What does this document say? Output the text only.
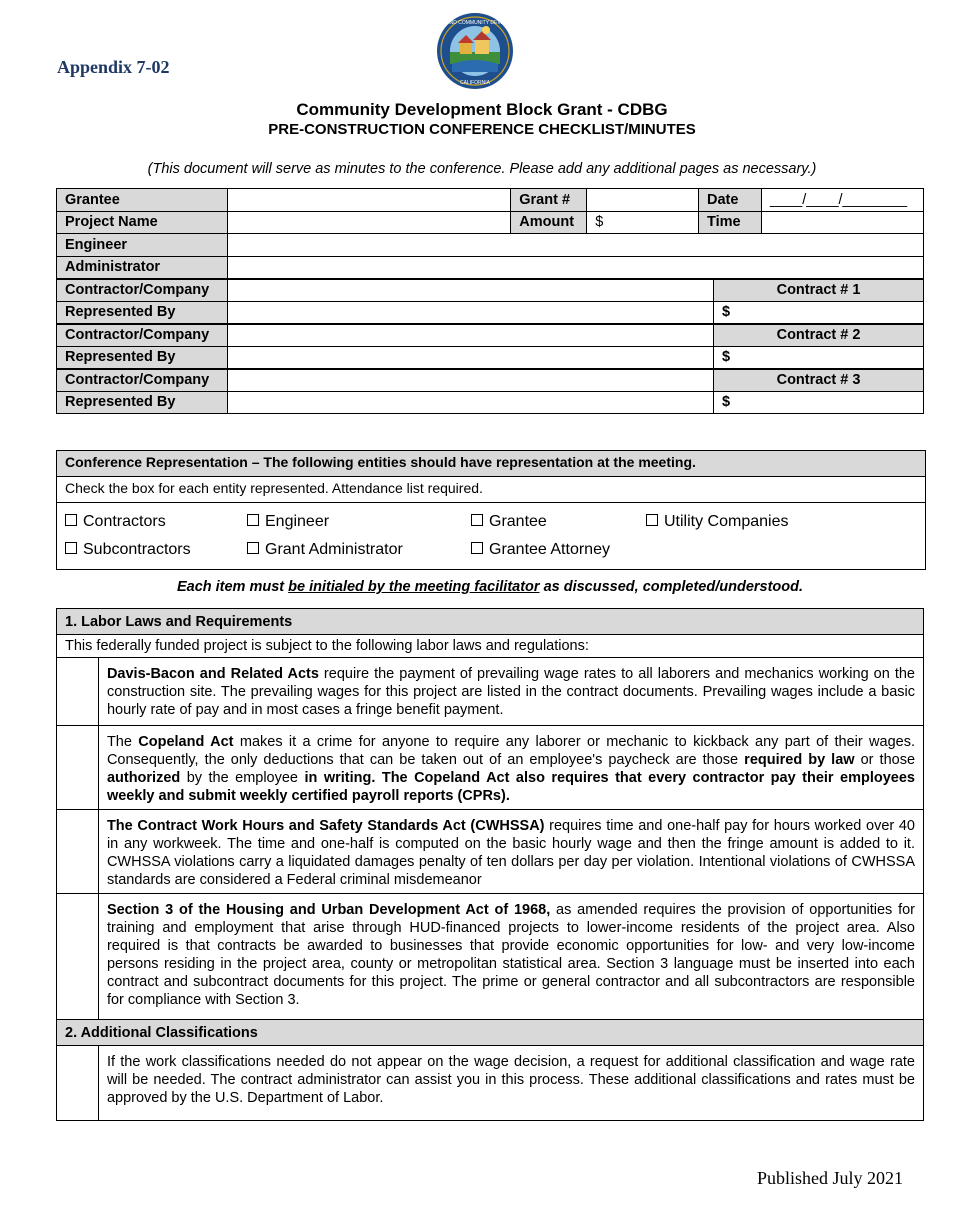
Appendix 7-02
HOUSING AND COMMUNITY DEVELOPMENT
CALIFORNIA
Community Development Block Grant - CDBG
PRE-CONSTRUCTION CONFERENCE CHECKLIST/MINUTES
(This document will serve as minutes to the conference. Please add any additional pages as necessary.)
Grantee		Grant #		Date		____/____/________
Project Name		Amount	$	Time		
Engineer						
Administrator						
Contractor/Company					Contract # 1	
Represented By					$	
Contractor/Company					Contract # 2	
Represented By					$	
Contractor/Company					Contract # 3	
Represented By					$	
Conference Representation – The following entities should have representation at the meeting.
Check the box for each entity represented. Attendance list required.
Contractors	Engineer	Grantee	Utility Companies
Subcontractors	Grant Administrator	Grantee Attorney
Each item must be initialed by the meeting facilitator as discussed, completed/understood.
1. Labor Laws and Requirements	
This federally funded project is subject to the following labor laws and regulations:	
	Davis-Bacon and Related Acts require the payment of prevailing wage rates to all laborers and mechanics working on the construction site. The prevailing wages for this project are listed in the contract documents. Prevailing wages include a basic hourly rate of pay and in most cases a fringe benefit payment.
	The Copeland Act makes it a crime for anyone to require any laborer or mechanic to kickback any part of their wages. Consequently, the only deductions that can be taken out of an employee's paycheck are those required by law or those authorized by the employee in writing. The Copeland Act also requires that every contractor pay their employees weekly and submit weekly certified payroll reports (CPRs).
	The Contract Work Hours and Safety Standards Act (CWHSSA) requires time and one-half pay for hours worked over 40 in any workweek. The time and one-half is computed on the basic hourly wage and then the fringe amount is added to it. CWHSSA violations carry a liquidated damages penalty of ten dollars per day per violation. Intentional violations of CWHSSA standards are considered a Federal criminal misdemeanor
	Section 3 of the Housing and Urban Development Act of 1968, as amended requires the provision of opportunities for training and employment that arise through HUD-financed projects to lower-income residents of the project area. Also required is that contracts be awarded to businesses that provide economic opportunities for low- and very low-income persons residing in the project area, county or metropolitan statistical area. Section 3 language must be inserted into each contract and subcontract documents for this project. The prime or general contractor and all subcontractors are responsible for compliance with Section 3.
2. Additional Classifications	
	If the work classifications needed do not appear on the wage decision, a request for additional classification and wage rate will be needed. The contract administrator can assist you in this process. These additional classifications and rates must be approved by the U.S. Department of Labor.
Published July 2021
